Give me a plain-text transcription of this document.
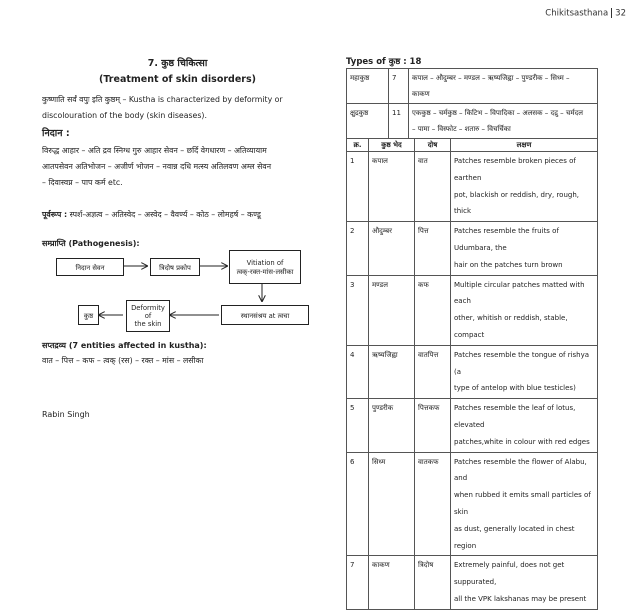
Chikitsasthana 32
Rabin Singh
7. कुष्ठ चिकित्सा
(Treatment of skin disorders)
कुष्णाति सर्वं वपुः इति कुष्ठम् – Kustha is characterized by deformity or
discolouration of the body (skin diseases).
निदान :
विरुद्ध आहार – अति द्रव स्निग्ध गुरु आहार सेवन – छर्दि वेगधारण – अतिव्यायाम
आतपसेवन अतिभोजन – अजीर्ण भोजन – नवान्न दधि मत्स्य अतिलवण अम्ल सेवन
– दिवास्वप्न – पाप कर्म etc.
पूर्वरूप : स्पर्श-अज्ञत्व – अतिस्वेद – अस्वेद – वैवर्ण्य – कोठ – लोमहर्ष – कण्डू
सम्प्राप्ति (Pathogenesis):
निदान सेवन	त्रिदोष प्रकोप
Vitiation of
त्वक्-रक्त-मांस-लसीका
स्थानसंश्रय at त्वचा
Deformity of
the skin
कुष्ठ
सप्तद्रव्य (7 entities affected in kustha):
वात – पित्त – कफ – त्वक् (रस) – रक्त – मांस – लसीका
Types of कुष्ठ : 18
महाकुष्ठ	7	कपाल – औदुम्बर – मण्डल – ऋष्यजिह्वा – पुण्डरीक – सिध्म –
काकण

क्षुद्रकुष्ठ	11	एककुष्ठ – चर्मकुष्ठ – किटिभ – विपादिका – अलसक – दद्रु – चर्मदल
– पामा – विस्फोट – शतारु – विचर्चिका
क्र.	कुष्ठ भेद	दोष	लक्षण
1	कपाल	वात	Patches resemble broken pieces of earthen
pot, blackish or reddish, dry, rough, thick

2	औदुम्बर	पित्त	Patches resemble the fruits of Udumbara, the
hair on the patches turn brown

3	मण्डल	कफ	Multiple circular patches matted with each
other, whitish or reddish, stable, compact

4	ऋष्यजिह्वा	वातपित्त	Patches resemble the tongue of rishya (a
type of antelop with blue testicles)

5	पुण्डरीक	पित्तकफ	Patches resemble the leaf of lotus, elevated
patches,white in colour with red edges

6	सिध्म	वातकफ	Patches resemble the flower of Alabu, and
when rubbed it emits small particles of skin
as dust, generally located in chest region

7	काकण	त्रिदोष	Extremely painful, does not get suppurated,
all the VPK lakshanas may be present
